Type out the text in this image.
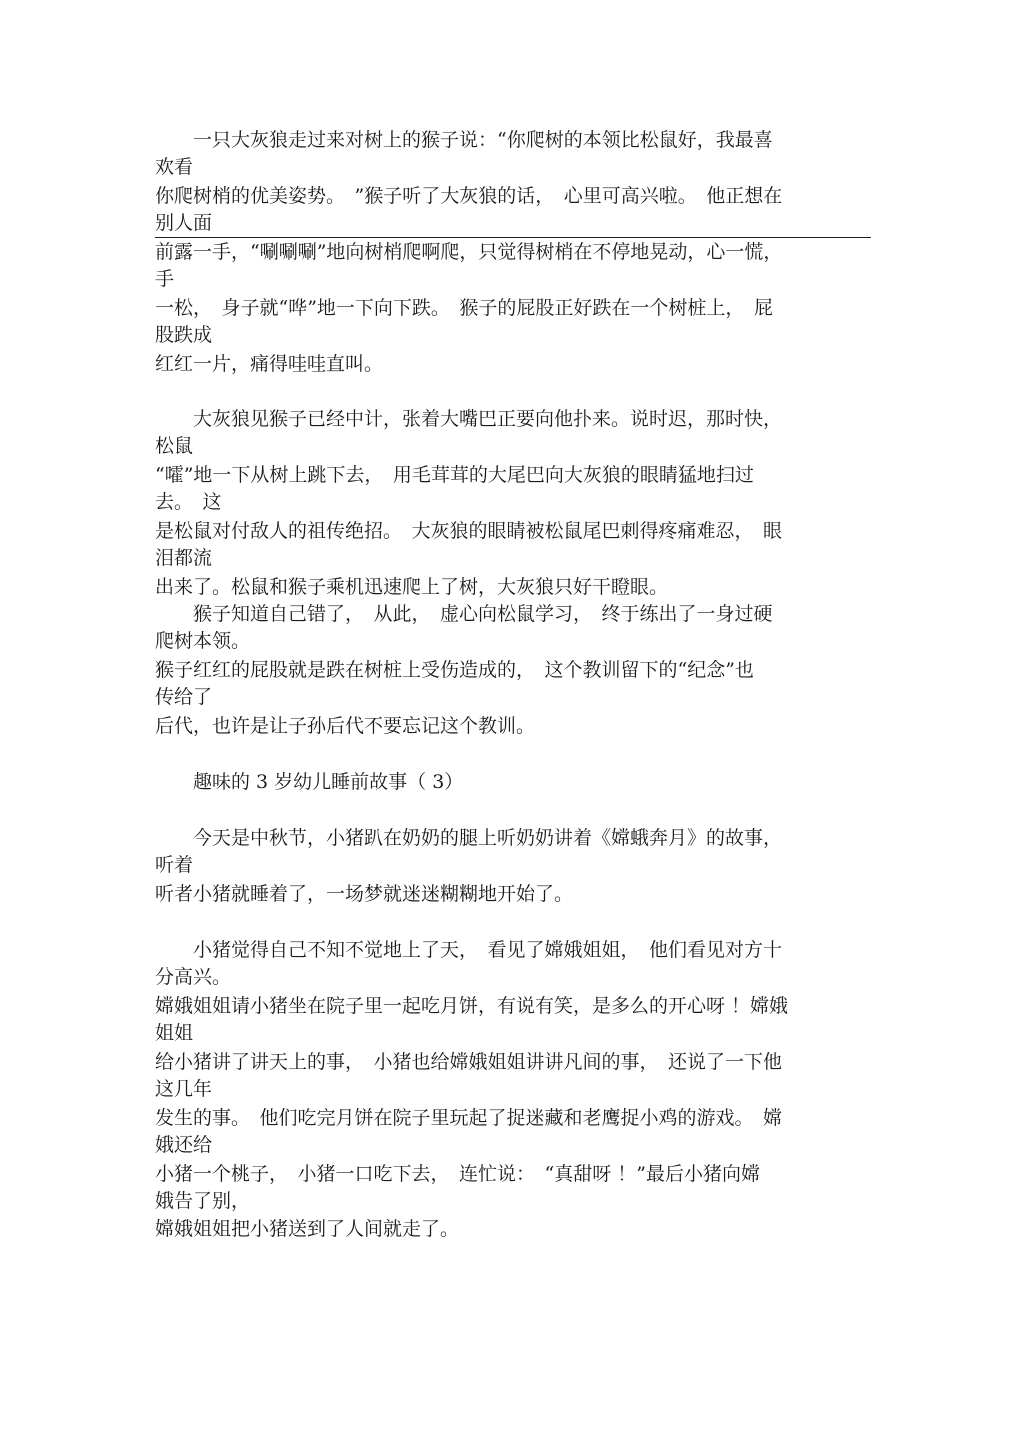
　　一只大灰狼走过来对树上的猴子说：“你爬树的本领比松鼠好，我最喜
欢看
你爬树梢的优美姿势。　”猴子听了大灰狼的话，　心里可高兴啦。　他正想在
别人面
前露一手，“唰唰唰”地向树梢爬啊爬，只觉得树梢在不停地晃动，心一慌，
手
一松，　身子就“哗”地一下向下跌。　猴子的屁股正好跌在一个树桩上，　屁
股跌成
红红一片，痛得哇哇直叫。
　　大灰狼见猴子已经中计，张着大嘴巴正要向他扑来。说时迟，那时快，
松鼠
“嚯”地一下从树上跳下去，　用毛茸茸的大尾巴向大灰狼的眼睛猛地扫过
去。　这
是松鼠对付敌人的祖传绝招。　大灰狼的眼睛被松鼠尾巴刺得疼痛难忍，　眼
泪都流
出来了。松鼠和猴子乘机迅速爬上了树，大灰狼只好干瞪眼。
　　猴子知道自己错了，　从此，　虚心向松鼠学习，　终于练出了一身过硬
爬树本领。
猴子红红的屁股就是跌在树桩上受伤造成的，　这个教训留下的“纪念”也
传给了
后代，也许是让子孙后代不要忘记这个教训。
　　趣味的 3 岁幼儿睡前故事（ 3）
　　今天是中秋节，小猪趴在奶奶的腿上听奶奶讲着《嫦蛾奔月》的故事，
听着
听者小猪就睡着了，一场梦就迷迷糊糊地开始了。
　　小猪觉得自己不知不觉地上了天，　看见了嫦娥姐姐，　他们看见对方十
分高兴。
嫦娥姐姐请小猪坐在院子里一起吃月饼，有说有笑，是多么的开心呀 ！嫦娥
姐姐
给小猪讲了讲天上的事，　小猪也给嫦娥姐姐讲讲凡间的事，　还说了一下他
这几年
发生的事。　他们吃完月饼在院子里玩起了捉迷藏和老鹰捉小鸡的游戏。　嫦
娥还给
小猪一个桃子，　小猪一口吃下去，　连忙说：　“真甜呀 ！”最后小猪向嫦
娥告了别，
嫦娥姐姐把小猪送到了人间就走了。
